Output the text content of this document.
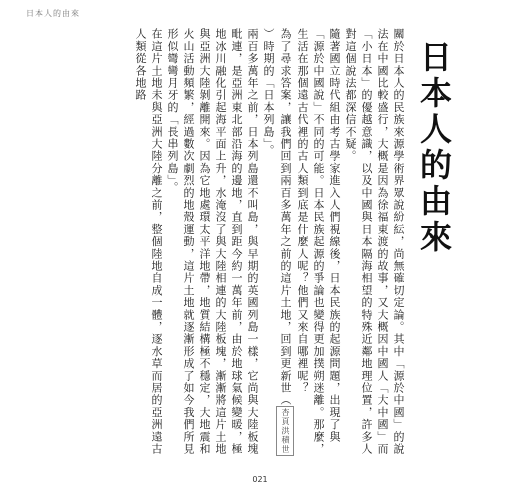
日本人的由來
日本人的由來

關於日本人的民族來源學術界眾說紛紜，尚無確切定論。其中「源於中國」的說法在中國比較盛行，大概是因為徐福東渡的故事，又大概因中國人「大中國」而「小日本」的優越意識，以及中國與日本隔海相望的特殊近鄰地理位置，許多人對這個說法都深信不疑。

隨著國立時代組由考古學家進入人們視線後，日本民族的起源問題，出現了與「源於中國說」不同的可能。日本民族起源的爭論也變得更加撲朔迷離。那麼，生活在那個遠古代裡的古人類到底是什麼人呢？他們又來自哪裡呢？

為了尋求答案，讓我們回到兩百多萬年之前的這片土地，回到更新世（杏頁洪積世）時期的「日本列島」。

兩百多萬年之前，日本列島還不叫島，與早期的英國列島一樣，它尚與大陸板塊毗連，是亞洲東北部沿海的邊地，直到距今約一萬年前，由於地球氣候變暖，極地冰川融化引起海平面上升，水淹沒了與大陸相連的大陸板塊，漸漸將這片土地與亞洲大陸剝離開來。因為它地處環太平洋地帶，地質結構極不穩定，大地震和火山活動頻繁，經過數次劇烈的地殼運動，這片土地就逐漸形成了如今我們所見形似彎彎月牙的「長串列島」。

在這片土地未與亞洲大陸分離之前，整個陸地自成一體，逐水草而居的亞洲遠古人類從各地路

021
